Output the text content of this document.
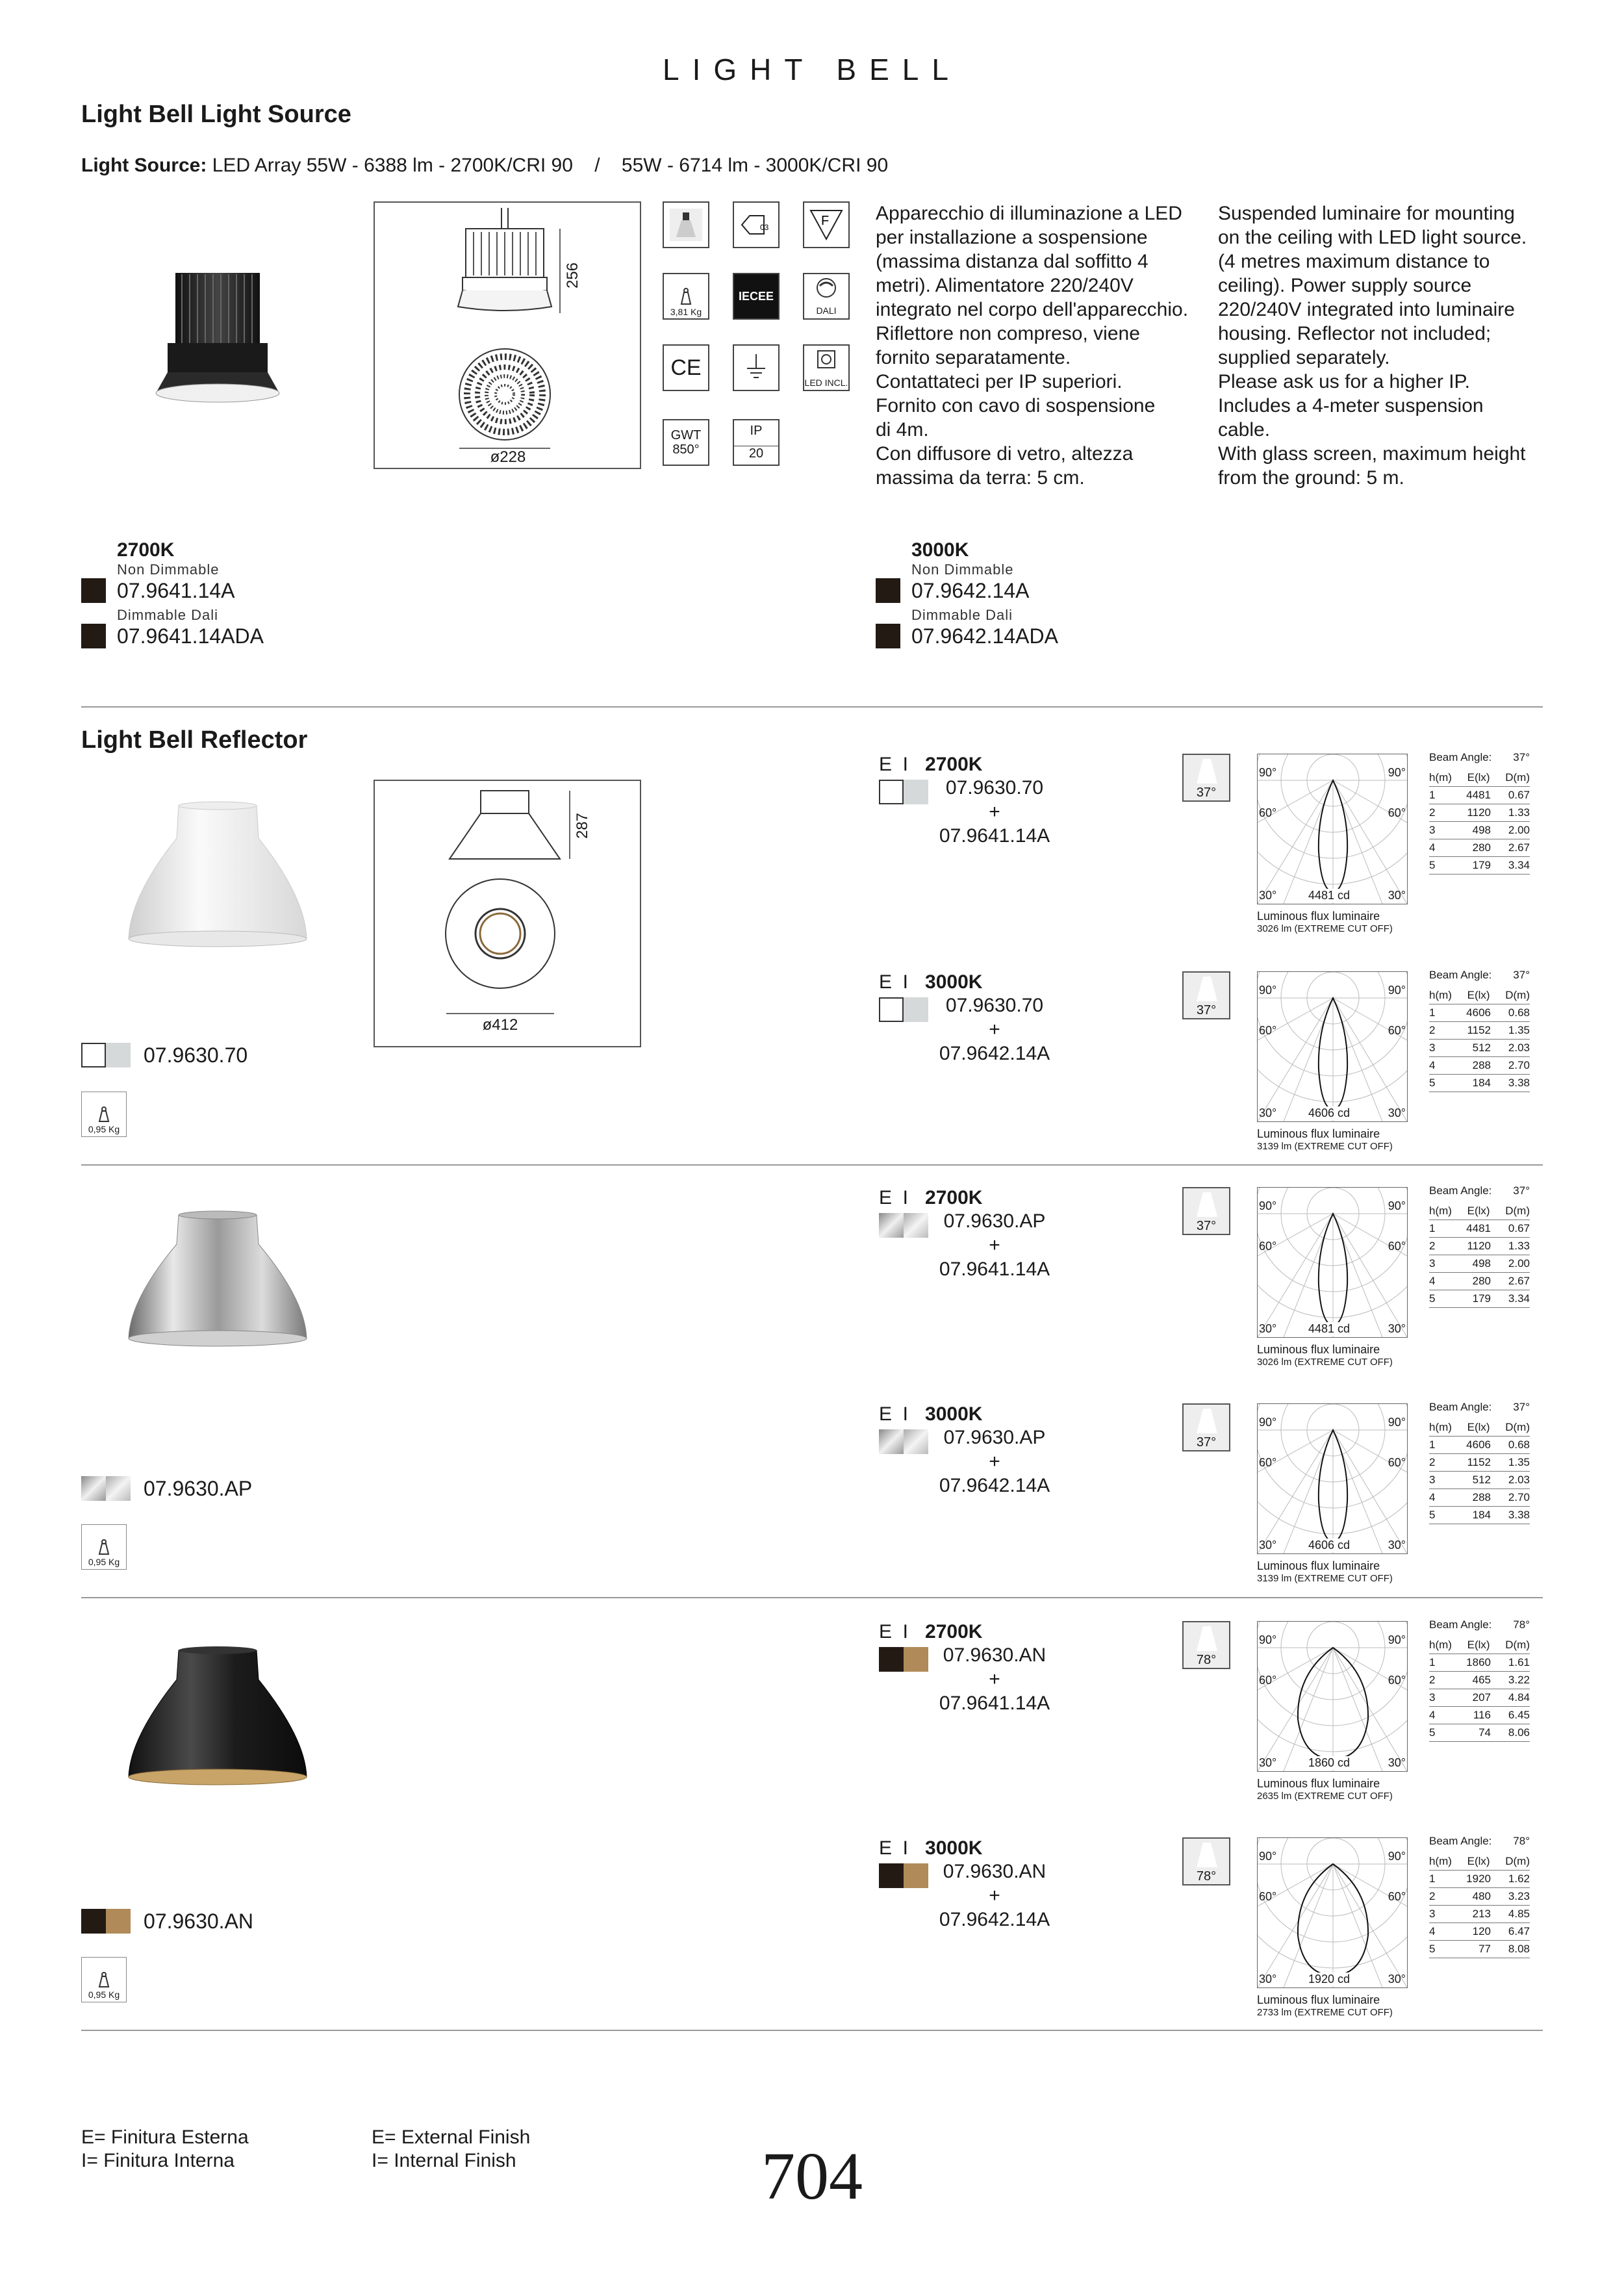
LIGHT BELL
Light Bell Light Source
Light Source: LED Array 55W - 6388 lm - 2700K/CRI 90    /    55W - 6714 lm - 3000K/CRI 90
256
ø228
03	F
3,81 Kg
IECEE
DALI
CE
LED INCL.
GWT
850°
IP
20
Apparecchio di illuminazione a LED
per installazione a sospensione
(massima distanza dal soffitto 4
metri). Alimentatore 220/240V
integrato nel corpo dell'apparecchio.
Riflettore non compreso, viene
fornito separatamente.
Contattateci per IP superiori.
Fornito con cavo di sospensione
di 4m.
Con diffusore di vetro, altezza
massima da terra: 5 cm.
Suspended luminaire for mounting
on the ceiling with LED light source.
(4 metres maximum distance to
ceiling). Power supply source
220/240V integrated into luminaire
housing. Reflector not included;
supplied separately.
Please ask us for a higher IP.
Includes a 4-meter suspension
cable.
With glass screen, maximum height
from the ground: 5 m.
2700K
Non Dimmable
07.9641.14A
Dimmable Dali
07.9641.14ADA
3000K
Non Dimmable
07.9642.14A
Dimmable Dali
07.9642.14ADA
Light Bell Reflector
287
ø412
07.9630.70
0,95 Kg
07.9630.AP
0,95 Kg
07.9630.AN
0,95 Kg
E  I 2700K
07.9630.70
+
07.9641.14A
37°
90°	90°
60°	60°
30°	30°
4481 cd
Luminous flux luminaire
3026 lm (EXTREME CUT OFF)
Beam Angle: 37°
h(m) E(lx) D(m)
1	4481	0.67
2	1120	1.33
3	498	2.00
4	280	2.67
5	179	3.34
E  I 3000K
07.9630.70
+
07.9642.14A
37°
90°	90°
60°	60°
30°	30°
4606 cd
Luminous flux luminaire
3139 lm (EXTREME CUT OFF)
Beam Angle: 37°
h(m) E(lx) D(m)
1	4606	0.68
2	1152	1.35
3	512	2.03
4	288	2.70
5	184	3.38
E  I 2700K
07.9630.AP
+
07.9641.14A
37°
90°	90°
60°	60°
30°	30°
4481 cd
Luminous flux luminaire
3026 lm (EXTREME CUT OFF)
Beam Angle: 37°
h(m) E(lx) D(m)
1	4481	0.67
2	1120	1.33
3	498	2.00
4	280	2.67
5	179	3.34
E  I 3000K
07.9630.AP
+
07.9642.14A
37°
90°	90°
60°	60°
30°	30°
4606 cd
Luminous flux luminaire
3139 lm (EXTREME CUT OFF)
Beam Angle: 37°
h(m) E(lx) D(m)
1	4606	0.68
2	1152	1.35
3	512	2.03
4	288	2.70
5	184	3.38
E  I 2700K
07.9630.AN
+
07.9641.14A
78°
90°	90°
60°	60°
30°	30°
1860 cd
Luminous flux luminaire
2635 lm (EXTREME CUT OFF)
Beam Angle: 78°
h(m) E(lx) D(m)
1	1860	1.61
2	465	3.22
3	207	4.84
4	116	6.45
5	74	8.06
E  I 3000K
07.9630.AN
+
07.9642.14A
78°
90°	90°
60°	60°
30°	30°
1920 cd
Luminous flux luminaire
2733 lm (EXTREME CUT OFF)
Beam Angle: 78°
h(m) E(lx) D(m)
1	1920	1.62
2	480	3.23
3	213	4.85
4	120	6.47
5	77	8.08
E= Finitura Esterna
I= Finitura Interna
E= External Finish
I= Internal Finish	704
